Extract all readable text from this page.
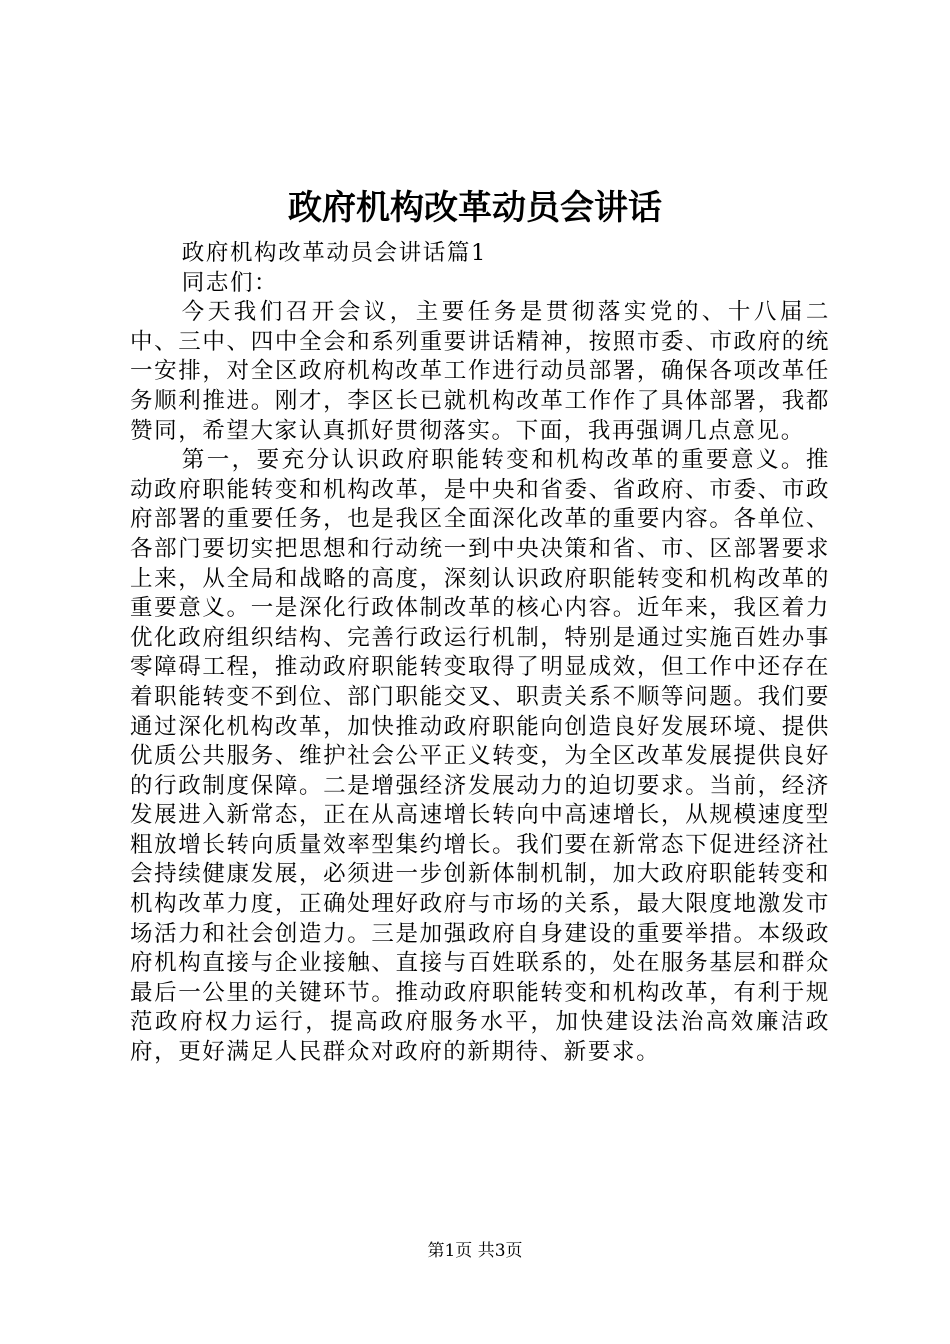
政府机构改革动员会讲话

政府机构改革动员会讲话篇1

同志们：

今天我们召开会议，主要任务是贯彻落实党的、十八届二中、三中、四中全会和系列重要讲话精神，按照市委、市政府的统一安排，对全区政府机构改革工作进行动员部署，确保各项改革任务顺利推进。刚才，李区长已就机构改革工作作了具体部署，我都赞同，希望大家认真抓好贯彻落实。下面，我再强调几点意见。

第一，要充分认识政府职能转变和机构改革的重要意义。推动政府职能转变和机构改革，是中央和省委、省政府、市委、市政府部署的重要任务，也是我区全面深化改革的重要内容。各单位、各部门要切实把思想和行动统一到中央决策和省、市、区部署要求上来，从全局和战略的高度，深刻认识政府职能转变和机构改革的重要意义。一是深化行政体制改革的核心内容。近年来，我区着力优化政府组织结构、完善行政运行机制，特别是通过实施百姓办事零障碍工程，推动政府职能转变取得了明显成效，但工作中还存在着职能转变不到位、部门职能交叉、职责关系不顺等问题。我们要通过深化机构改革，加快推动政府职能向创造良好发展环境、提供优质公共服务、维护社会公平正义转变，为全区改革发展提供良好的行政制度保障。二是增强经济发展动力的迫切要求。当前，经济发展进入新常态，正在从高速增长转向中高速增长，从规模速度型粗放增长转向质量效率型集约增长。我们要在新常态下促进经济社会持续健康发展，必须进一步创新体制机制，加大政府职能转变和机构改革力度，正确处理好政府与市场的关系，最大限度地激发市场活力和社会创造力。三是加强政府自身建设的重要举措。本级政府机构直接与企业接触、直接与百姓联系的，处在服务基层和群众最后一公里的关键环节。推动政府职能转变和机构改革，有利于规范政府权力运行，提高政府服务水平，加快建设法治高效廉洁政府，更好满足人民群众对政府的新期待、新要求。

第1页 共3页
